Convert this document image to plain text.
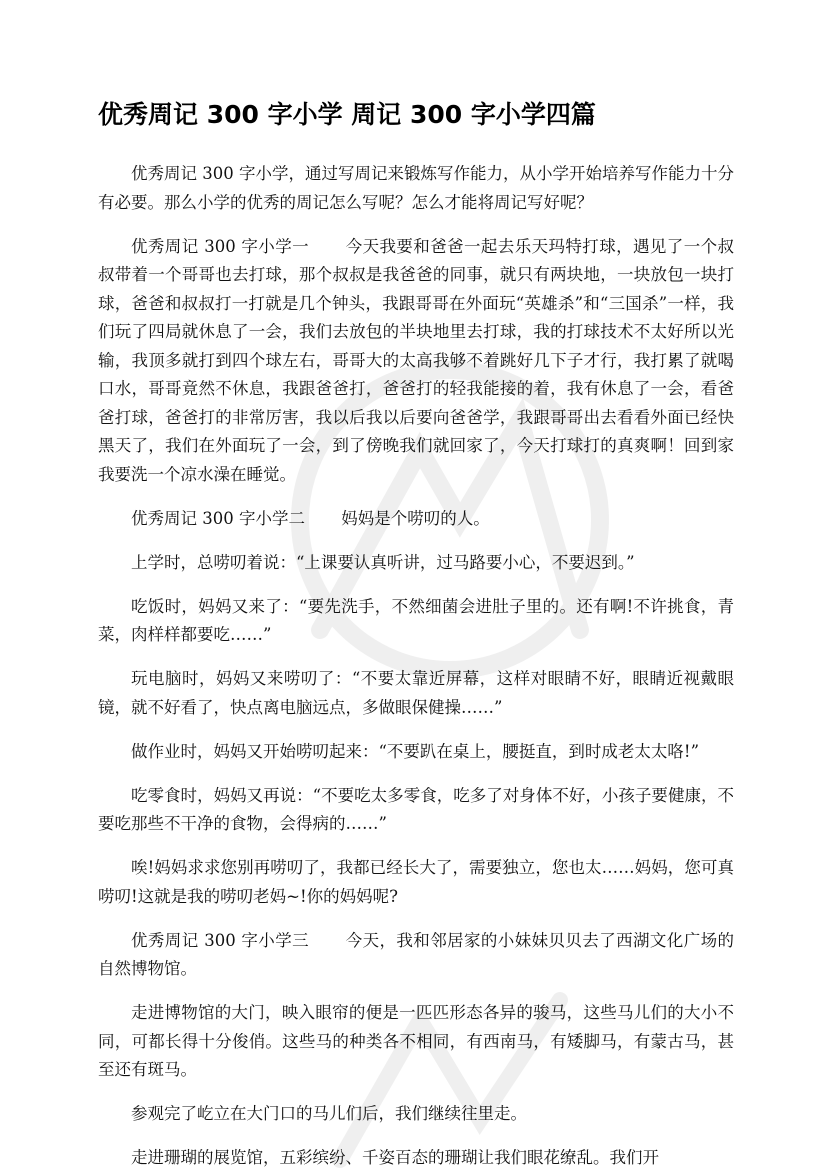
优秀周记 300 字小学 周记 300 字小学四篇

优秀周记 300 字小学，通过写周记来锻炼写作能力，从小学开始培养写作能力十分有必要。那么小学的优秀的周记怎么写呢？怎么才能将周记写好呢？

优秀周记 300 字小学一 今天我要和爸爸一起去乐天玛特打球，遇见了一个叔叔带着一个哥哥也去打球，那个叔叔是我爸爸的同事，就只有两块地，一块放包一块打球，爸爸和叔叔打一打就是几个钟头，我跟哥哥在外面玩“英雄杀”和“三国杀”一样，我们玩了四局就休息了一会，我们去放包的半块地里去打球，我的打球技术不太好所以光输，我顶多就打到四个球左右，哥哥大的太高我够不着跳好几下子才行，我打累了就喝口水，哥哥竟然不休息，我跟爸爸打，爸爸打的轻我能接的着，我有休息了一会，看爸爸打球，爸爸打的非常厉害，我以后我以后要向爸爸学，我跟哥哥出去看看外面已经快黑天了，我们在外面玩了一会，到了傍晚我们就回家了，今天打球打的真爽啊！回到家我要洗一个凉水澡在睡觉。

优秀周记 300 字小学二 妈妈是个唠叨的人。

上学时，总唠叨着说：“上课要认真听讲，过马路要小心，不要迟到。”

吃饭时，妈妈又来了：“要先洗手，不然细菌会进肚子里的。还有啊!不许挑食，青菜，肉样样都要吃……”

玩电脑时，妈妈又来唠叨了：“不要太靠近屏幕，这样对眼睛不好，眼睛近视戴眼镜，就不好看了，快点离电脑远点，多做眼保健操……”

做作业时，妈妈又开始唠叨起来：“不要趴在桌上，腰挺直，到时成老太太咯!”

吃零食时，妈妈又再说：“不要吃太多零食，吃多了对身体不好，小孩子要健康，不要吃那些不干净的食物，会得病的……”

唉!妈妈求求您别再唠叨了，我都已经长大了，需要独立，您也太……妈妈，您可真唠叨!这就是我的唠叨老妈~!你的妈妈呢?

优秀周记 300 字小学三 今天，我和邻居家的小妹妹贝贝去了西湖文化广场的自然博物馆。

走进博物馆的大门，映入眼帘的便是一匹匹形态各异的骏马，这些马儿们的大小不同，可都长得十分俊俏。这些马的种类各不相同，有西南马，有矮脚马，有蒙古马，甚至还有斑马。

参观完了屹立在大门口的马儿们后，我们继续往里走。

走进珊瑚的展览馆，五彩缤纷、千姿百态的珊瑚让我们眼花缭乱。我们开
